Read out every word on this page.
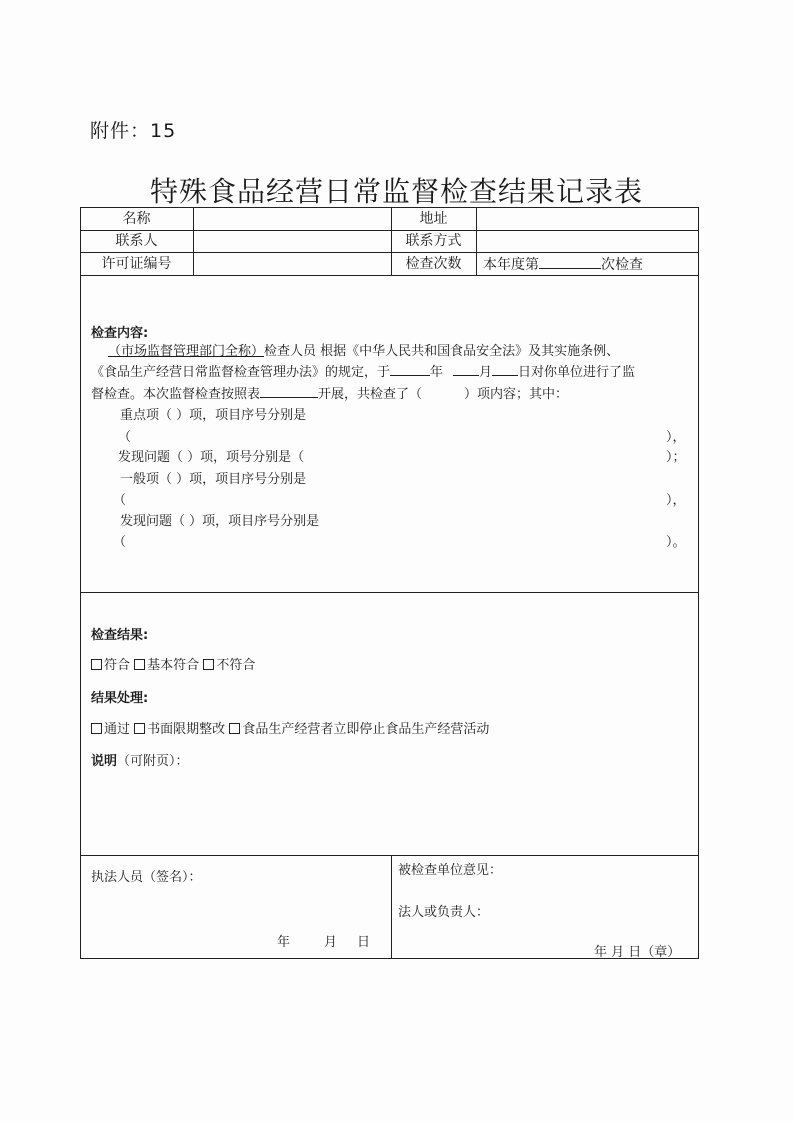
附件：15
特殊食品经营日常监督检查结果记录表
名称	地址
联系人	联系方式
许可证编号	检查次数	本年度第	次检查
检查内容:
（市场监督管理部门全称）检查人员 根据《中华人民共和国食品安全法》及其实施条例、
《食品生产经营日常监督检查管理办法》的规定，于	年	月 日对你单位进行了监
督检查。本次监督检查按照表	开展，共检查了（	）项内容；其中：
重点项（ ）项，项目序号分别是
（	），
发现问题（ ）项，项号分别是（	）；
一般项（ ）项，项目序号分别是
（	），
发现问题（ ）项，项目序号分别是
（	）。
检查结果:
符合 基本符合 不符合
结果处理:
通过 书面限期整改 食品生产经营者立即停止食品生产经营活动
说明（可附页）：
执法人员（签名）：
年	月 日
被检查单位意见：
法人或负责人：
年 月 日（章）
